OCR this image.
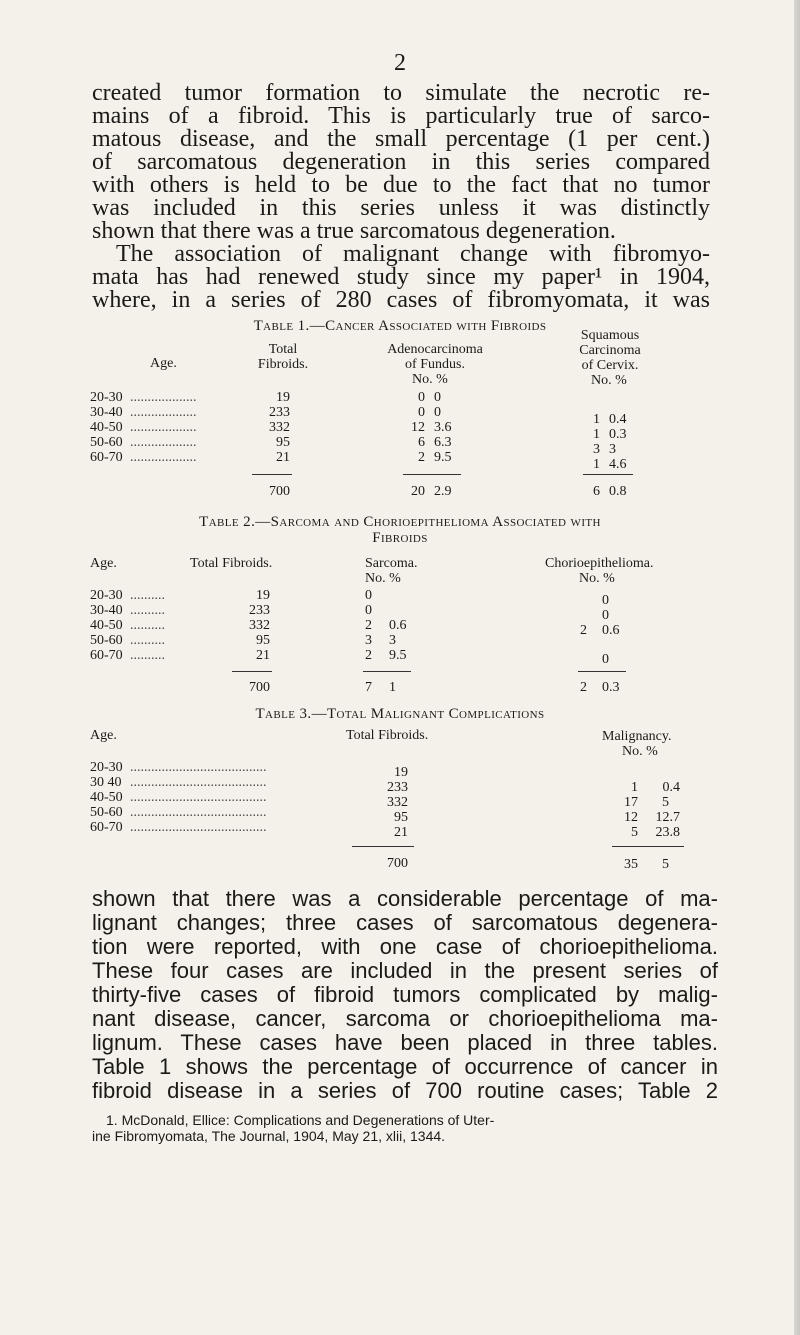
2
created tumor formation to simulate the necrotic re-
mains of a fibroid. This is particularly true of sarco-
matous disease, and the small percentage (1 per cent.)
of sarcomatous degeneration in this series compared
with others is held to be due to the fact that no tumor
was included in this series unless it was distinctly
shown that there was a true sarcomatous degeneration.
The association of malignant change with fibromyo-
mata has had renewed study since my paper¹ in 1904,
where, in a series of 280 cases of fibromyomata, it was
Table 1.—Cancer Associated with Fibroids
Age.
Total
Fibroids.
Adenocarcinoma
of Fundus.
No. %
Squamous
Carcinoma
of Cervix.
No. %
20-30 ...................	19	0 0
30-40 ...................	233	0 0	1 0.4
40-50 ...................	332	12 3.6	1 0.3
50-60 ...................	95	6 6.3	3 3
60-70 ...................	21	2 9.5	1 4.6
700	20 2.9	6 0.8
Table 2.—Sarcoma and Chorioepithelioma Associated with
Fibroids
Age.	Total Fibroids.	Sarcoma.
No. %
Chorioepithelioma.
No. %
20-30 ..........	19	0	0
30-40 ..........	233	0	0
40-50 ..........	332	2 0.6	2 0.6
50-60 ..........	95	3 3
60-70 ..........	21	2 9.5	0
700	7 1	2 0.3
Table 3.—Total Malignant Complications
Age.	Total Fibroids.	Malignancy.
No. %
20-30 .......................................	19
30 40 .......................................	233	1	0.4
40-50 .......................................	332	17	5
50-60 .......................................	95	12	12.7
60-70 .......................................	21	5	23.8
700	35	5
shown that there was a considerable percentage of ma-
lignant changes; three cases of sarcomatous degenera-
tion were reported, with one case of chorioepithelioma.
These four cases are included in the present series of
thirty-five cases of fibroid tumors complicated by malig-
nant disease, cancer, sarcoma or chorioepithelioma ma-
lignum. These cases have been placed in three tables.
Table 1 shows the percentage of occurrence of cancer in
fibroid disease in a series of 700 routine cases; Table 2
1. McDonald, Ellice: Complications and Degenerations of Uter-
ine Fibromyomata, The Journal, 1904, May 21, xlii, 1344.
